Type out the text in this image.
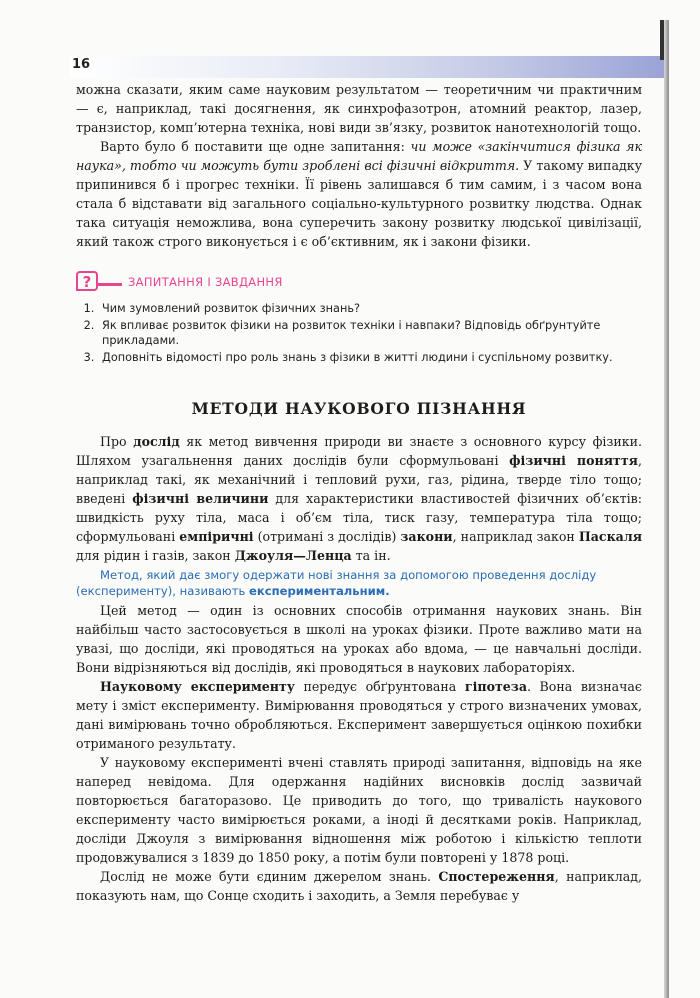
16

можна сказати, яким саме науковим результатом — теоретичним чи практичним — є, наприклад, такі досягнення, як синхрофазотрон, атомний реактор, лазер, транзистор, комп’ютерна техніка, нові види зв’язку, розвиток нанотехнологій тощо.

Варто було б поставити ще одне запитання: чи може «закінчитися фізика як наука», тобто чи можуть бути зроблені всі фізичні відкриття. У такому випадку припинився б і прогрес техніки. Її рівень залишався б тим самим, і з часом вона стала б відставати від загального соціально-культурного розвитку людства. Однак така ситуація неможлива, вона суперечить закону розвитку людської цивілізації, який також строго виконується і є об’єктивним, як і закони фізики.

?	ЗАПИТАННЯ І ЗАВДАННЯ
1. Чим зумовлений розвиток фізичних знань?
2. Як впливає розвиток фізики на розвиток техніки і навпаки? Відповідь обґрунтуйте прикладами.
3. Доповніть відомості про роль знань з фізики в житті людини і суспільному розвитку.
МЕТОДИ НАУКОВОГО ПІЗНАННЯ

Про дослід як метод вивчення природи ви знаєте з основного курсу фізики. Шляхом узагальнення даних дослідів були сформульовані фізичні поняття, наприклад такі, як механічний і тепловий рухи, газ, рідина, тверде тіло тощо; введені фізичні величини для характеристики властивостей фізичних об’єктів: швидкість руху тіла, маса і об’єм тіла, тиск газу, температура тіла тощо; сформульовані емпіричні (отримані з дослідів) закони, наприклад закон Паскаля для рідин і газів, закон Джоуля—Ленца та ін.

Метод, який дає змогу одержати нові знання за допомогою проведення досліду (експерименту), називають експериментальним.

Цей метод — один із основних способів отримання наукових знань. Він найбільш часто застосовується в школі на уроках фізики. Проте важливо мати на увазі, що досліди, які проводяться на уроках або вдома, — це навчальні досліди. Вони відрізняються від дослідів, які проводяться в наукових лабораторіях.

Науковому експерименту передує обґрунтована гіпотеза. Вона визначає мету і зміст експерименту. Вимірювання проводяться у строго визначених умовах, дані вимірювань точно обробляються. Експеримент завершується оцінкою похибки отриманого результату.

У науковому експерименті вчені ставлять природі запитання, відповідь на яке наперед невідома. Для одержання надійних висновків дослід зазвичай повторюється багаторазово. Це приводить до того, що тривалість наукового експерименту часто вимірюється роками, а іноді й десятками років. Наприклад, досліди Джоуля з вимірювання відношення між роботою і кількістю теплоти продовжувалися з 1839 до 1850 року, а потім були повторені у 1878 році.

Дослід не може бути єдиним джерелом знань. Спостереження, наприклад, показують нам, що Сонце сходить і заходить, а Земля перебуває у
